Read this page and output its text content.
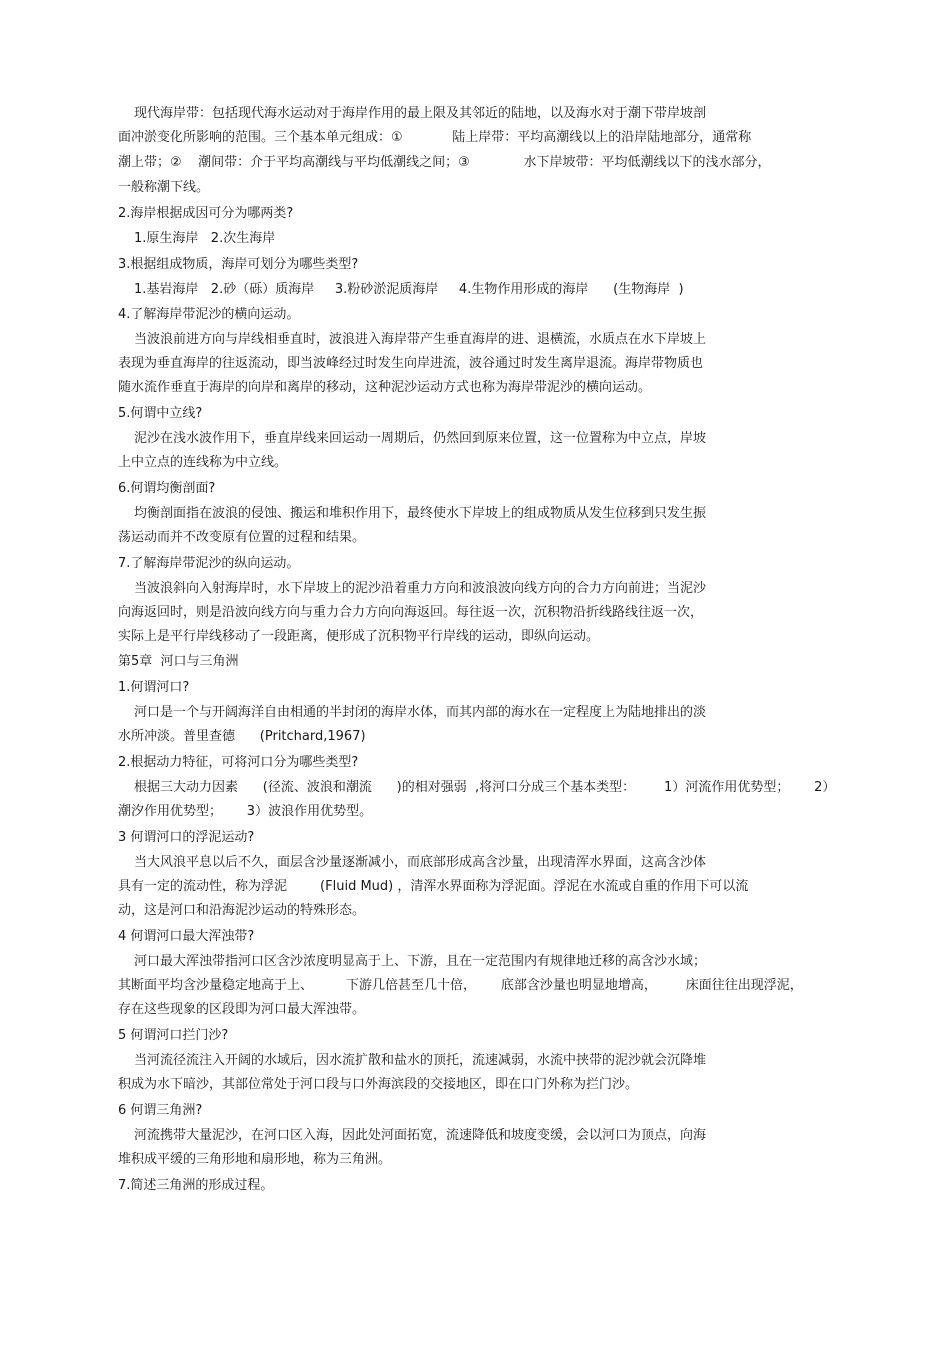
现代海岸带：包括现代海水运动对于海岸作用的最上限及其邻近的陆地，以及海水对于潮下带岸坡剖
面冲淤变化所影响的范围。三个基本单元组成：①            陆上岸带：平均高潮线以上的沿岸陆地部分，通常称
潮上带；②    潮间带：介于平均高潮线与平均低潮线之间；③             水下岸坡带：平均低潮线以下的浅水部分，
一般称潮下线。
2.海岸根据成因可分为哪两类?
1.原生海岸   2.次生海岸
3.根据组成物质，海岸可划分为哪些类型?
1.基岩海岸   2.砂（砾）质海岸     3.粉砂淤泥质海岸     4.生物作用形成的海岸      (生物海岸  )
4.了解海岸带泥沙的横向运动。
当波浪前进方向与岸线相垂直时，波浪进入海岸带产生垂直海岸的进、退横流，水质点在水下岸坡上
表现为垂直海岸的往返流动，即当波峰经过时发生向岸进流，波谷通过时发生离岸退流。海岸带物质也
随水流作垂直于海岸的向岸和离岸的移动，这种泥沙运动方式也称为海岸带泥沙的横向运动。
5.何谓中立线?
泥沙在浅水波作用下，垂直岸线来回运动一周期后，仍然回到原来位置，这一位置称为中立点，岸坡
上中立点的连线称为中立线。
6.何谓均衡剖面?
均衡剖面指在波浪的侵蚀、搬运和堆积作用下，最终使水下岸坡上的组成物质从发生位移到只发生振
荡运动而并不改变原有位置的过程和结果。
7.了解海岸带泥沙的纵向运动。
当波浪斜向入射海岸时，水下岸坡上的泥沙沿着重力方向和波浪波向线方向的合力方向前进；当泥沙
向海返回时，则是沿波向线方向与重力合力方向向海返回。每往返一次，沉积物沿折线路线往返一次，
实际上是平行岸线移动了一段距离，便形成了沉积物平行岸线的运动，即纵向运动。
第5章  河口与三角洲
1.何谓河口?
河口是一个与开阔海洋自由相通的半封闭的海岸水体，而其内部的海水在一定程度上为陆地排出的淡
水所冲淡。普里查德      (Pritchard,1967)
2.根据动力特征，可将河口分为哪些类型?
根据三大动力因素      (径流、波浪和潮流      )的相对强弱  ,将河口分成三个基本类型：       1）河流作用优势型；      2）
潮汐作用优势型；      3）波浪作用优势型。
3 何谓河口的浮泥运动?
当大风浪平息以后不久，面层含沙量逐渐减小，而底部形成高含沙量，出现清浑水界面，这高含沙体
具有一定的流动性，称为浮泥        (Fluid Mud) ，清浑水界面称为浮泥面。浮泥在水流或自重的作用下可以流
动，这是河口和沿海泥沙运动的特殊形态。
4 何谓河口最大浑浊带?
河口最大浑浊带指河口区含沙浓度明显高于上、下游，且在一定范围内有规律地迁移的高含沙水域；
其断面平均含沙量稳定地高于上、        下游几倍甚至几十倍，      底部含沙量也明显地增高，       床面往往出现浮泥，
存在这些现象的区段即为河口最大浑浊带。
5 何谓河口拦门沙?
当河流径流注入开阔的水域后，因水流扩散和盐水的顶托，流速减弱，水流中挟带的泥沙就会沉降堆
积成为水下暗沙，其部位常处于河口段与口外海滨段的交接地区，即在口门外称为拦门沙。
6 何谓三角洲?
河流携带大量泥沙，在河口区入海，因此处河面拓宽，流速降低和坡度变缓，会以河口为顶点，向海
堆积成平缓的三角形地和扇形地，称为三角洲。
7.简述三角洲的形成过程。
